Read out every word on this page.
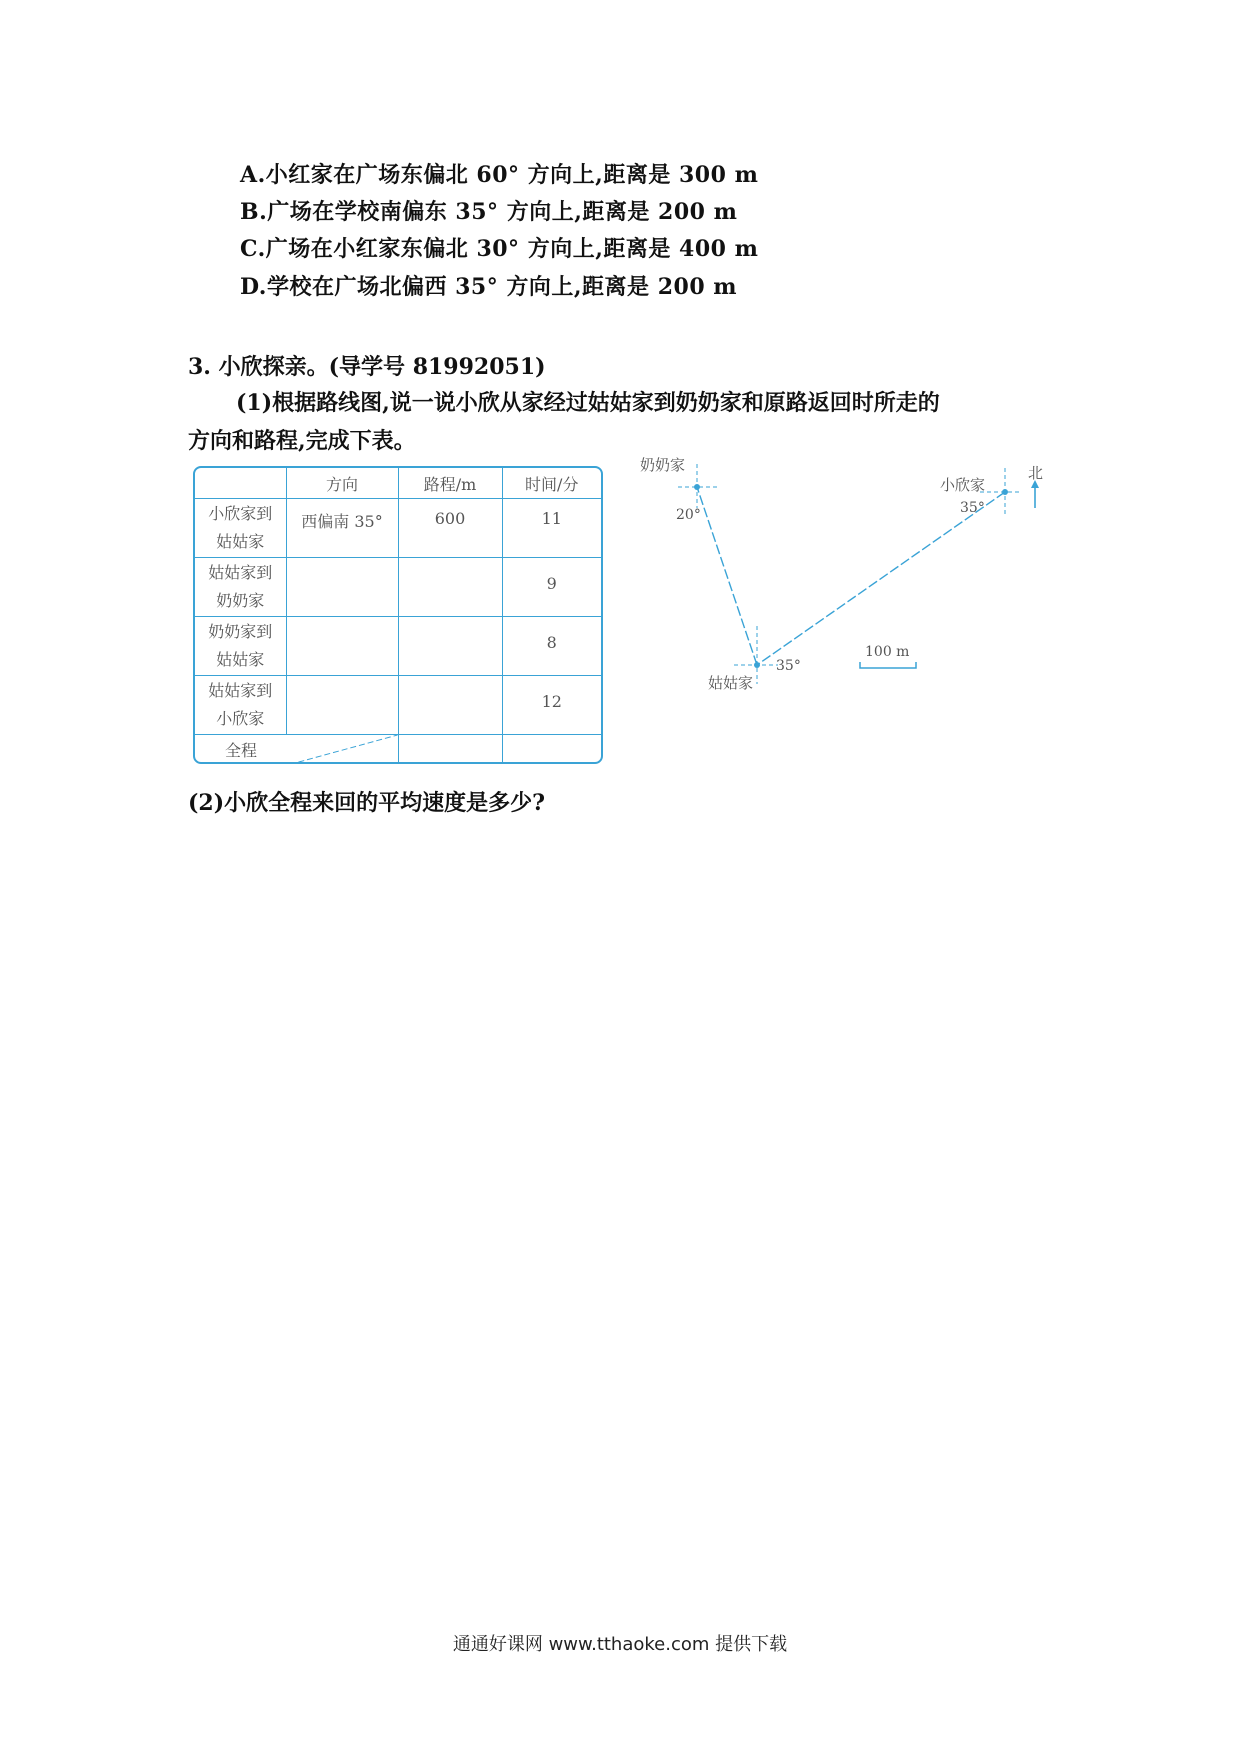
A.小红家在广场东偏北 60° 方向上,距离是 300 m
B.广场在学校南偏东 35° 方向上,距离是 200 m
C.广场在小红家东偏北 30° 方向上,距离是 400 m
D.学校在广场北偏西 35° 方向上,距离是 200 m
3. 小欣探亲。(导学号 81992051)
(1)根据路线图,说一说小欣从家经过姑姑家到奶奶家和原路返回时所走的
方向和路程,完成下表。
	方向	路程/m	时间/分

小欣家到
姑姑家	西偏南 35°	600	11

姑姑家到
奶奶家			9

奶奶家到
姑姑家			8

姑姑家到
小欣家			12
全程	

奶奶家
小欣家
姑姑家
北
20°	35°
35°
100 m
(2)小欣全程来回的平均速度是多少?
通通好课网 www.tthaoke.com 提供下载
